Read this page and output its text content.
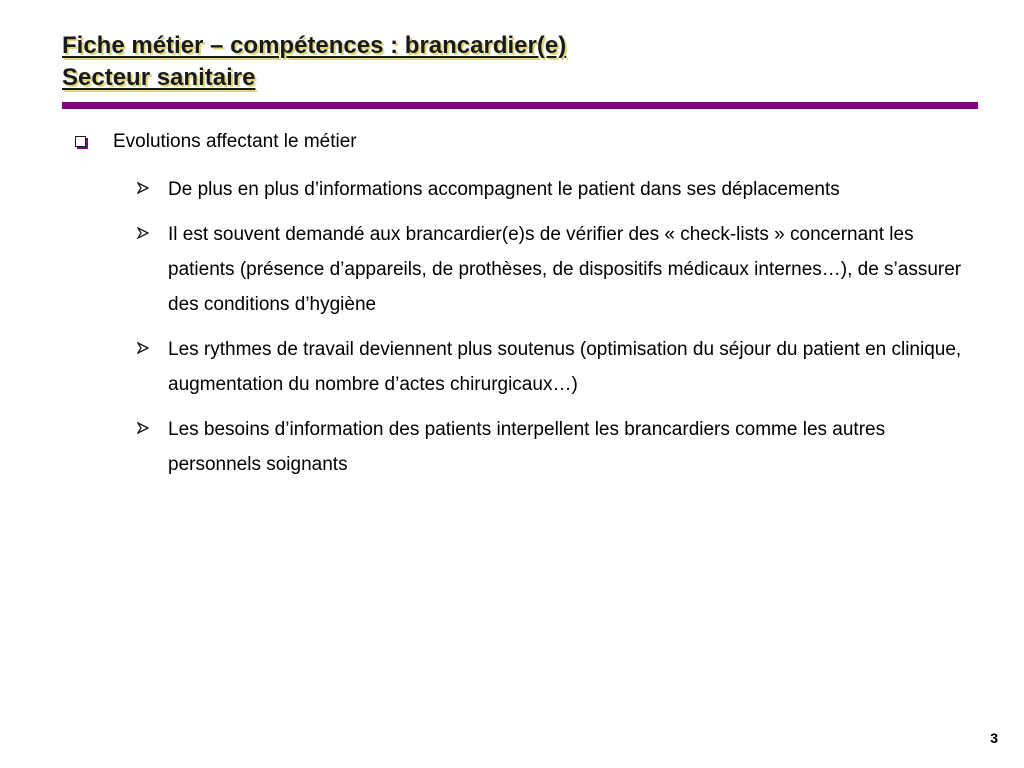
Fiche métier – compétences : brancardier(e)
Secteur sanitaire
Evolutions affectant le métier
De plus en plus d’informations accompagnent le patient dans ses déplacements
Il est souvent demandé aux brancardier(e)s de vérifier des « check-lists » concernant les patients (présence d’appareils, de prothèses, de dispositifs médicaux internes…), de s’assurer des conditions d’hygiène
Les rythmes de travail deviennent plus soutenus (optimisation du séjour du patient en clinique, augmentation du nombre d’actes chirurgicaux…)
Les besoins d’information des patients interpellent les brancardiers comme les autres personnels soignants
3
